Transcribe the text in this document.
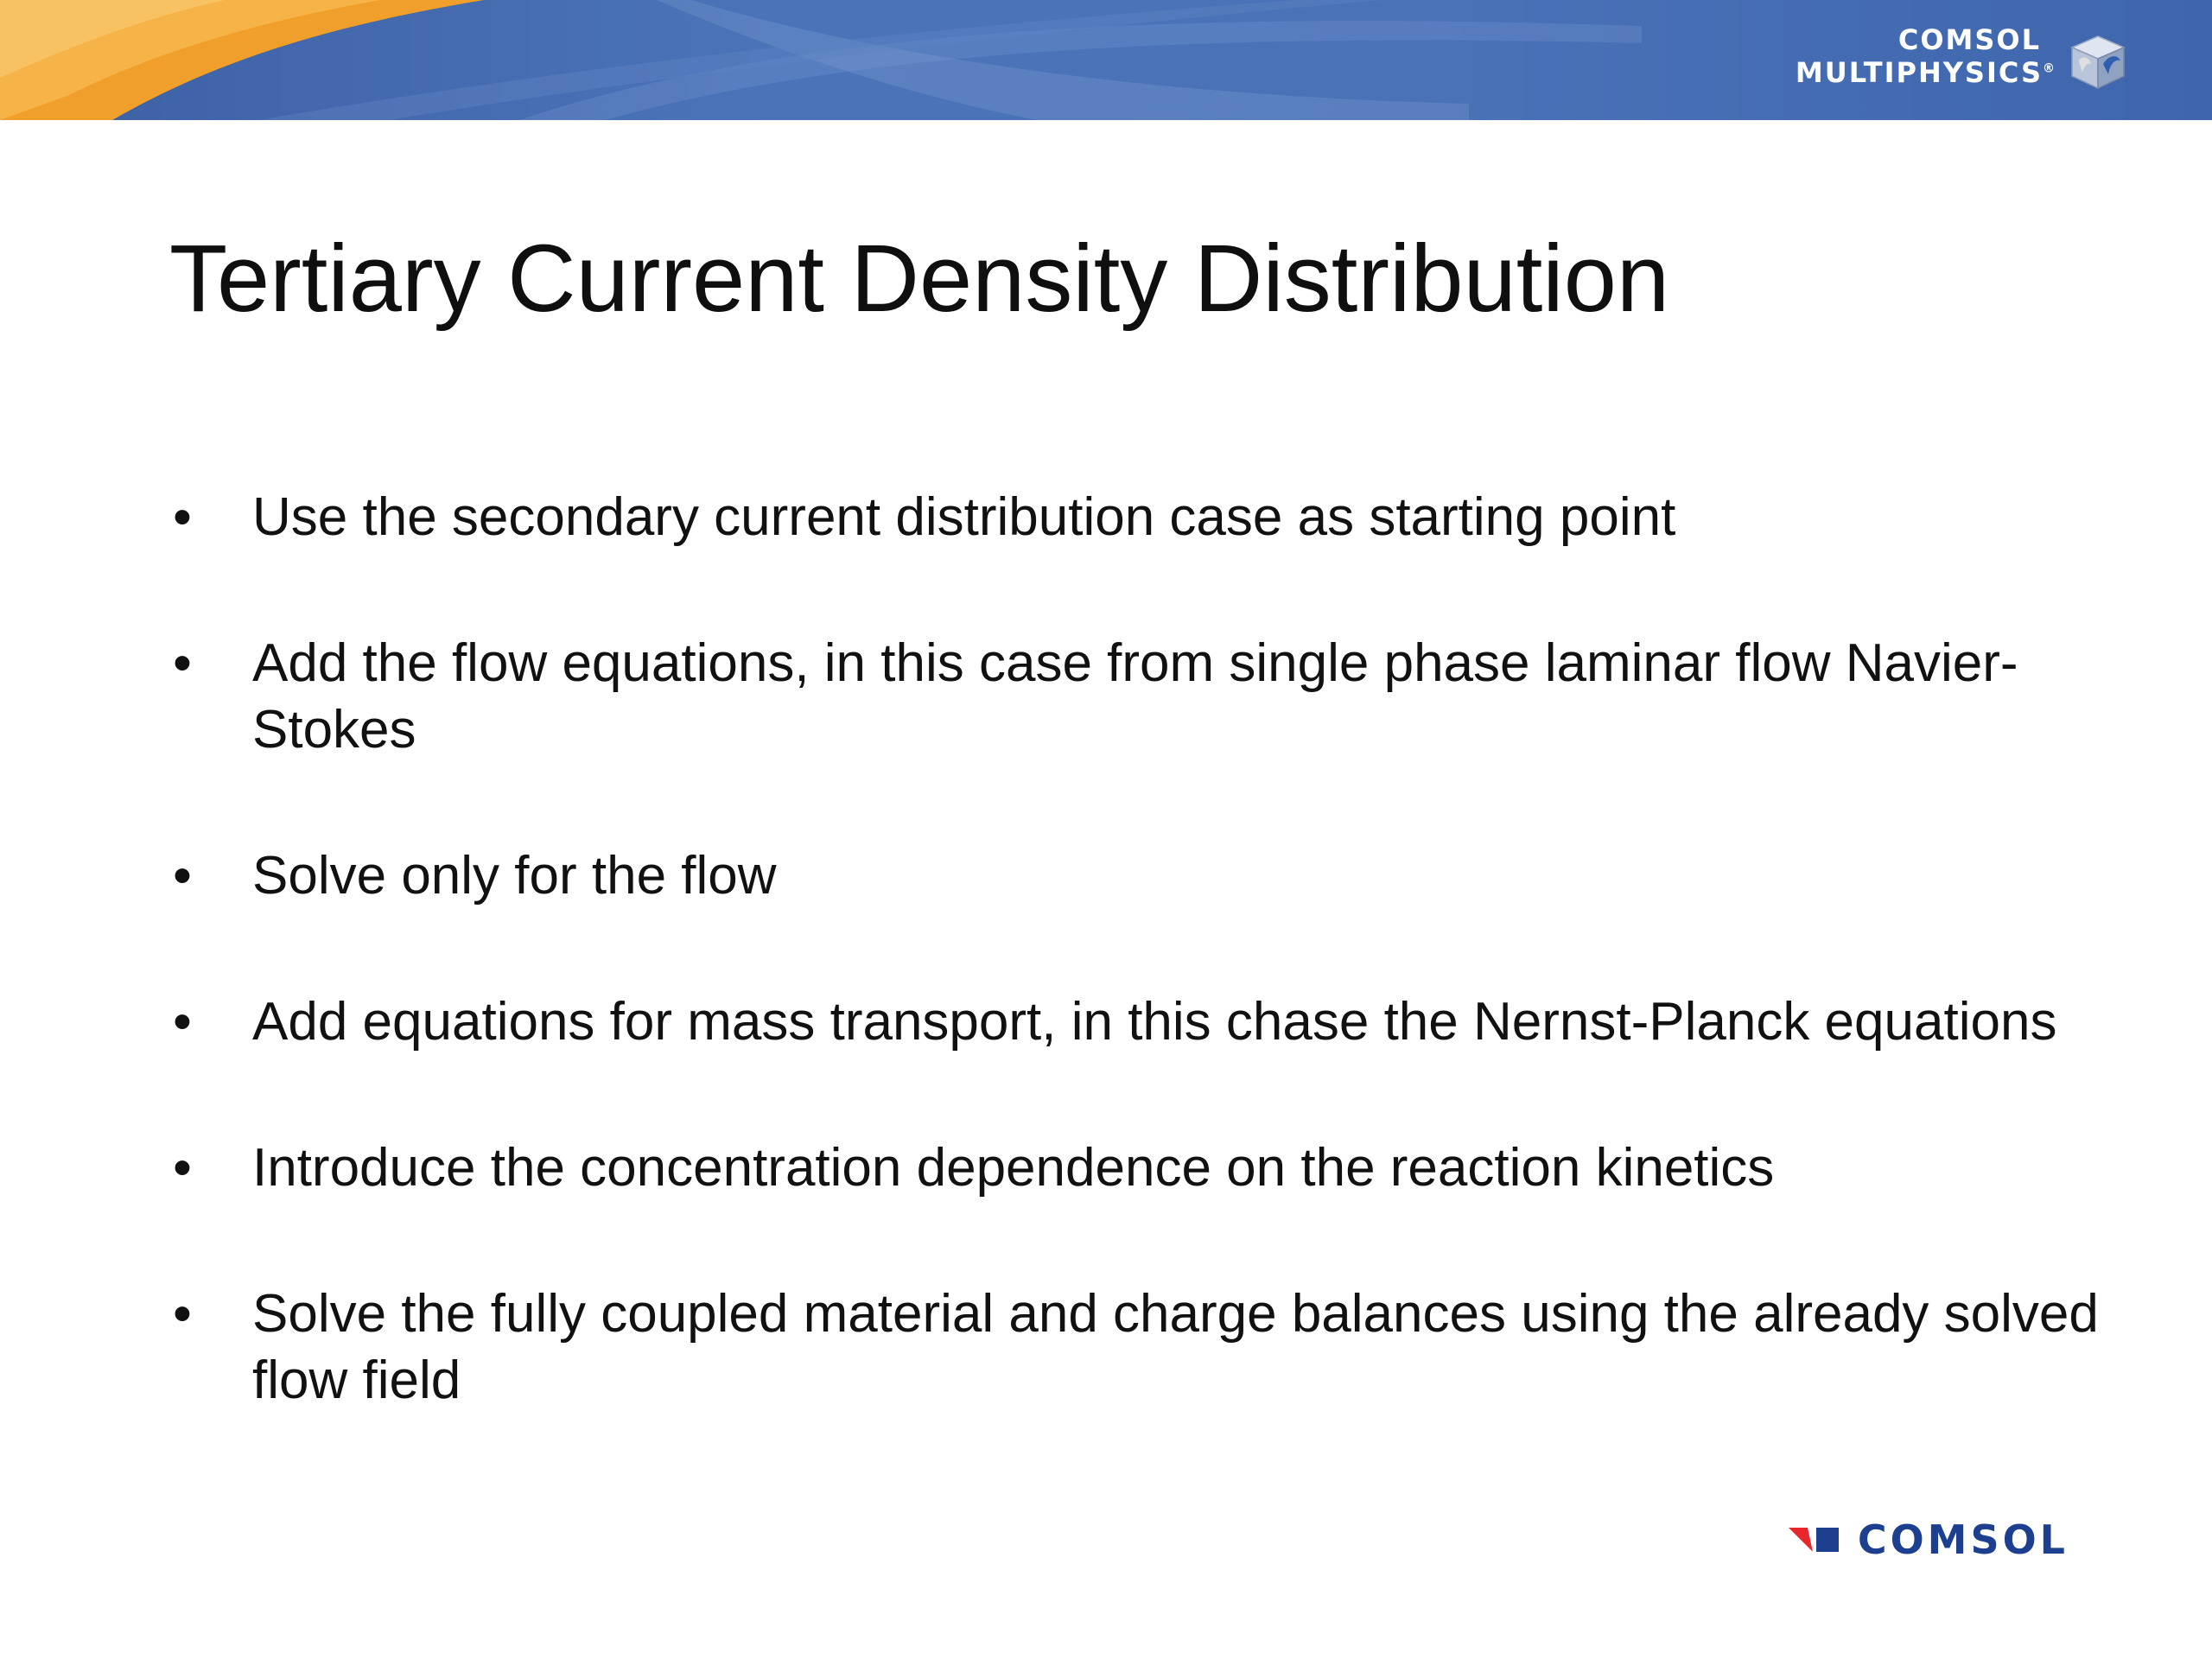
COMSOL
MULTIPHYSICS®
Tertiary Current Density Distribution
• Use the secondary current distribution case as starting point
• Add the flow equations, in this case from single phase laminar flow Navier-Stokes
• Solve only for the flow
• Add equations for mass transport, in this chase the Nernst-Planck equations
• Introduce the concentration dependence on the reaction kinetics
• Solve the fully coupled material and charge balances using the already solved flow field
COMSOL
